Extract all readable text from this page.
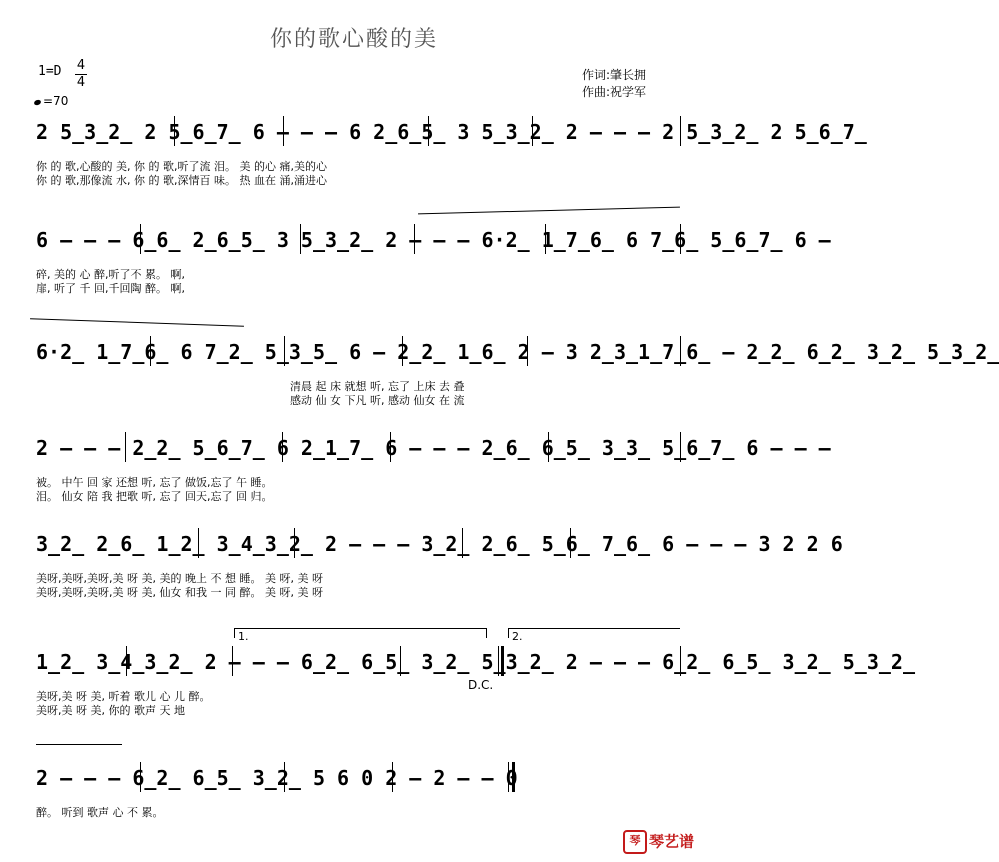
你的歌心酸的美
1=D 4
4
=70
作词:肇长拥
作曲:祝学军
2 5̲3̲2̲ 2 5̲6̲7̲ 6 – – – 6 2̲6̲5̲ 3 5̲3̲2̲ 2 – – – 2 5̲3̲2̲ 2 5̲6̲7̲
你 的 歌,心酸的 美, 你 的 歌,听了流 泪。 美 的心 痛,美的心
你 的 歌,那像流 水, 你 的 歌,深情百 味。 热 血在 涌,涌进心
6 – – – 6̲6̲ 2̲6̲5̲ 3 5̲3̲2̲ 2 – – – 6·2̲ 1̲7̲6̲ 6 7̲6̲ 5̲6̲7̲ 6 –
碎, 美的 心 醉,听了不 累。 啊,
扉, 听了 千 回,千回陶 醉。 啊,
6·2̲ 1̲7̲6̲ 6 7̲2̲ 5̲3̲5̲ 6 – 2̲2̲ 1̲6̲ 2 – 3 2̲3̲1̲7̲6̲ – 2̲2̲ 6̲2̲ 3̲2̲ 5̲3̲2̲
清晨 起 床 就想 听, 忘了 上床 去 叠
感动 仙 女 下凡 听, 感动 仙女 在 流
2 – – – 2̲2̲ 5̲6̲7̲ 6 2̲1̲7̲ 6 – – – 2̲6̲ 6̲5̲ 3̲3̲ 5̲6̲7̲ 6 – – –
被。 中午 回 家 还想 听, 忘了 做饭,忘了 午 睡。
泪。 仙女 陪 我 把歌 听, 忘了 回天,忘了 回 归。
3̲2̲ 2̲6̲ 1̲2̲ 3̲4̲3̲2̲ 2 – – – 3̲2̲ 2̲6̲ 5̲6̲ 7̲6̲ 6 – – – 3 2 2 6
美呀,美呀,美呀,美 呀 美, 美的 晚上 不 想 睡。 美 呀, 美 呀
美呀,美呀,美呀,美 呀 美, 仙女 和我 一 同 醉。 美 呀, 美 呀
1.	2.
1̲2̲ 3̲4̲3̲2̲ 2 – – – 6̲2̲ 6̲5̲ 3̲2̲ 5̲3̲2̲ 2 – – – 6̲2̲ 6̲5̲ 3̲2̲ 5̲3̲2̲
D.C.
美呀,美 呀 美, 听着 歌儿 心 儿 醉。
美呀,美 呀 美, 你的 歌声 天 地
2 – – – 6̲2̲ 6̲5̲ 3̲2̲ 5 6 0 2 – 2 – – 0
醉。 听到 歌声 心 不 累。
琴 琴艺谱
